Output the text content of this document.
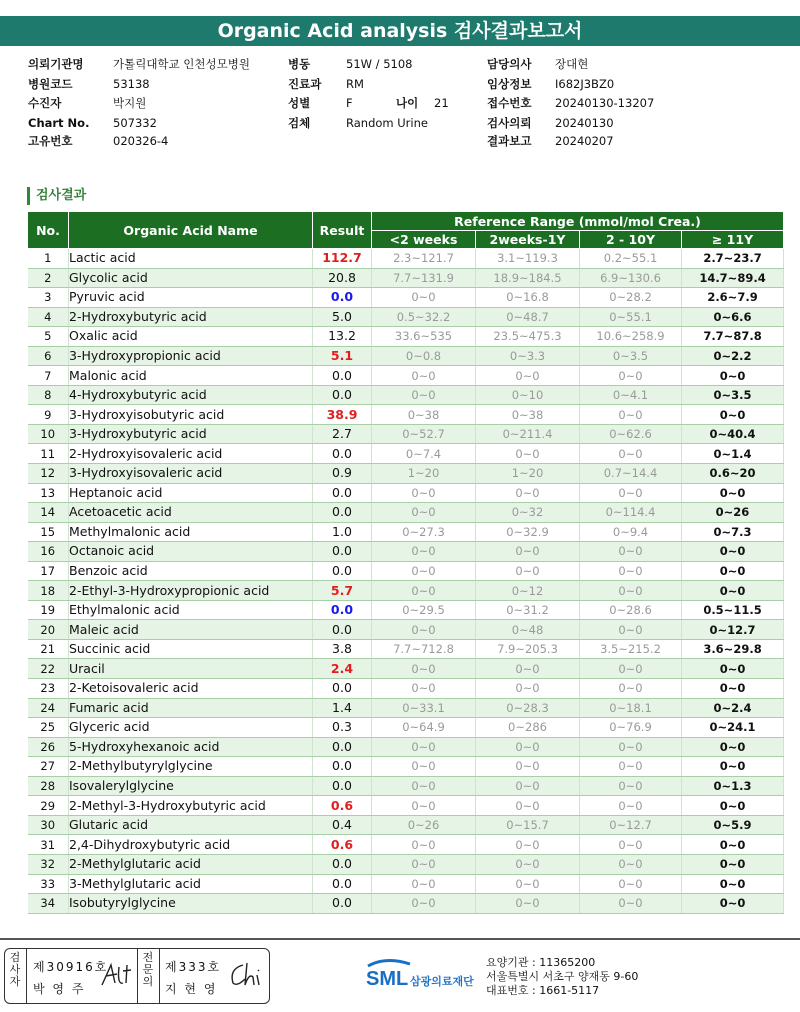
Organic Acid analysis 검사결과보고서
의뢰기관명	가톨릭대학교 인천성모병원
병원코드	53138
수진자	박지원
Chart No. 507332
고유번호	020326-4
병동	51W / 5108
진료과 RM
성별	F	나이 21
검체	Random Urine
담당의사 장대현
임상정보 I682J3BZ0
접수번호 20240130-13207
검사의뢰 20240130
결과보고 20240207
검사결과
No.	Organic Acid Name	Result	Reference Range (mmol/mol Crea.)			
			<2 weeks	2weeks-1Y	2 - 10Y	≥ 11Y
1	Lactic acid	112.7	2.3~121.7	3.1~119.3	0.2~55.1	2.7~23.7
2	Glycolic acid	20.8	7.7~131.9	18.9~184.5	6.9~130.6	14.7~89.4
3	Pyruvic acid	0.0	0~0	0~16.8	0~28.2	2.6~7.9
4	2-Hydroxybutyric acid	5.0	0.5~32.2	0~48.7	0~55.1	0~6.6
5	Oxalic acid	13.2	33.6~535	23.5~475.3	10.6~258.9	7.7~87.8
6	3-Hydroxypropionic acid	5.1	0~0.8	0~3.3	0~3.5	0~2.2
7	Malonic acid	0.0	0~0	0~0	0~0	0~0
8	4-Hydroxybutyric acid	0.0	0~0	0~10	0~4.1	0~3.5
9	3-Hydroxyisobutyric acid	38.9	0~38	0~38	0~0	0~0
10	3-Hydroxybutyric acid	2.7	0~52.7	0~211.4	0~62.6	0~40.4
11	2-Hydroxyisovaleric acid	0.0	0~7.4	0~0	0~0	0~1.4
12	3-Hydroxyisovaleric acid	0.9	1~20	1~20	0.7~14.4	0.6~20
13	Heptanoic acid	0.0	0~0	0~0	0~0	0~0
14	Acetoacetic acid	0.0	0~0	0~32	0~114.4	0~26
15	Methylmalonic acid	1.0	0~27.3	0~32.9	0~9.4	0~7.3
16	Octanoic acid	0.0	0~0	0~0	0~0	0~0
17	Benzoic acid	0.0	0~0	0~0	0~0	0~0
18	2-Ethyl-3-Hydroxypropionic acid	5.7	0~0	0~12	0~0	0~0
19	Ethylmalonic acid	0.0	0~29.5	0~31.2	0~28.6	0.5~11.5
20	Maleic acid	0.0	0~0	0~48	0~0	0~12.7
21	Succinic acid	3.8	7.7~712.8	7.9~205.3	3.5~215.2	3.6~29.8
22	Uracil	2.4	0~0	0~0	0~0	0~0
23	2-Ketoisovaleric acid	0.0	0~0	0~0	0~0	0~0
24	Fumaric acid	1.4	0~33.1	0~28.3	0~18.1	0~2.4
25	Glyceric acid	0.3	0~64.9	0~286	0~76.9	0~24.1
26	5-Hydroxyhexanoic acid	0.0	0~0	0~0	0~0	0~0
27	2-Methylbutyrylglycine	0.0	0~0	0~0	0~0	0~0
28	Isovalerylglycine	0.0	0~0	0~0	0~0	0~1.3
29	2-Methyl-3-Hydroxybutyric acid	0.6	0~0	0~0	0~0	0~0
30	Glutaric acid	0.4	0~26	0~15.7	0~12.7	0~5.9
31	2,4-Dihydroxybutyric acid	0.6	0~0	0~0	0~0	0~0
32	2-Methylglutaric acid	0.0	0~0	0~0	0~0	0~0
33	3-Methylglutaric acid	0.0	0~0	0~0	0~0	0~0
34	Isobutyrylglycine	0.0	0~0	0~0	0~0	0~0
검사자
제30916호
박 영 주
전문의
제333호
지 현 영	SML 삼광의료재단
요양기관 : 11365200
서울특별시 서초구 양재동 9-60
대표번호 : 1661-5117
